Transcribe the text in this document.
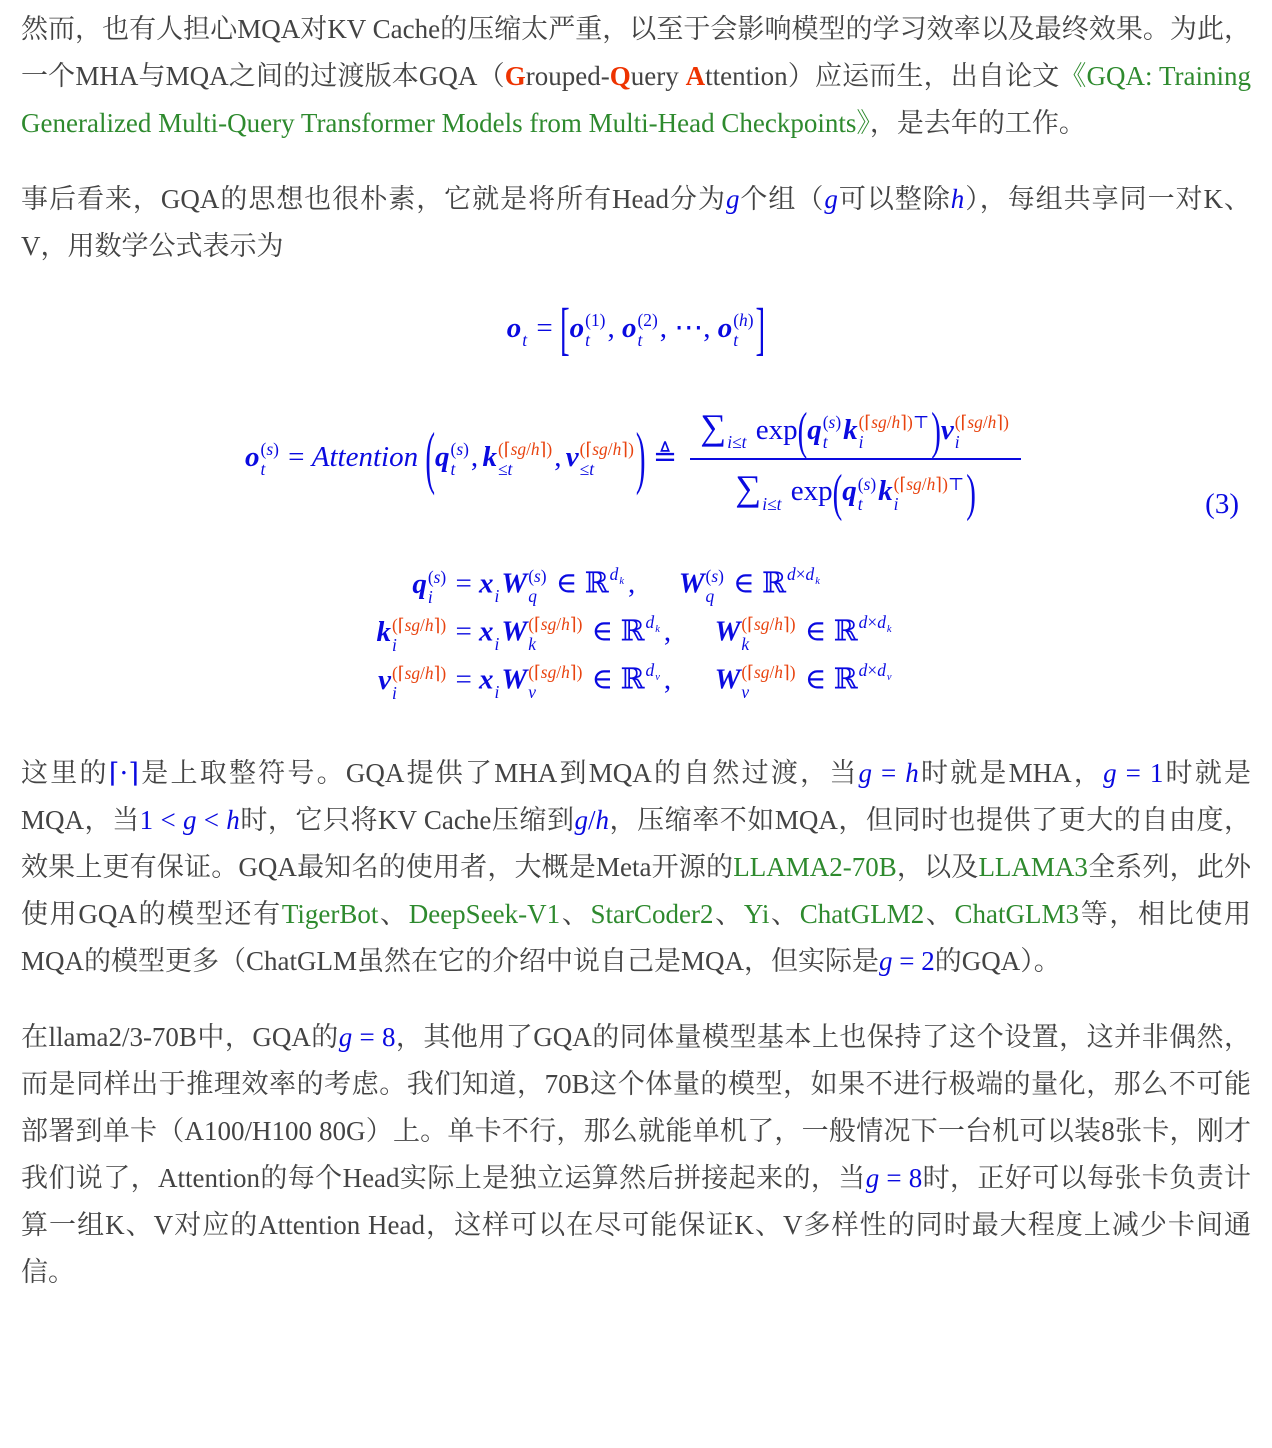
然而，也有人担心MQA对KV Cache的压缩太严重，以至于会影响模型的学习效率以及最终效果。为此，一个MHA与MQA之间的过渡版本GQA（Grouped-Query Attention）应运而生，出自论文《GQA: Training Generalized Multi-Query Transformer Models from Multi-Head Checkpoints》，是去年的工作。

事后看来，GQA的思想也很朴素，它就是将所有Head分为g个组（g可以整除h），每组共享同一对K、V，用数学公式表示为

o t = [o (1)
t , o (2)
t , ⋯, o (h)
t ]
o (s)
t = Attention (q (s)
t , k (⌈sg/h⌉)
≤t , v (⌈sg/h⌉)
≤t ) ≜ ∑ i≤t exp(q (s)
t k (⌈sg/h⌉)⊤
i )v (⌈sg/h⌉)
i
∑ i≤t exp(q (s)
t k (⌈sg/h⌉)⊤
i )	(3)
q (s)
i = x i W (s)
q ∈ ℝ d k , W (s)
q ∈ ℝ d×d k
k (⌈sg/h⌉)
i = x i W (⌈sg/h⌉)
k ∈ ℝ d k , W (⌈sg/h⌉)
k ∈ ℝ d×d k
v (⌈sg/h⌉)
i = x i W (⌈sg/h⌉)
v ∈ ℝ d v , W (⌈sg/h⌉)
v ∈ ℝ d×d v

这里的⌈⋅⌉是上取整符号。GQA提供了MHA到MQA的自然过渡，当g = h时就是MHA，g = 1时就是MQA，当1 < g < h时，它只将KV Cache压缩到g/h，压缩率不如MQA，但同时也提供了更大的自由度，效果上更有保证。GQA最知名的使用者，大概是Meta开源的LLAMA2-70B，以及LLAMA3全系列，此外使用GQA的模型还有TigerBot、DeepSeek-V1、StarCoder2、Yi、ChatGLM2、ChatGLM3等，相比使用MQA的模型更多（ChatGLM虽然在它的介绍中说自己是MQA，但实际是g = 2的GQA）。

在llama2/3-70B中，GQA的g = 8，其他用了GQA的同体量模型基本上也保持了这个设置，这并非偶然，而是同样出于推理效率的考虑。我们知道，70B这个体量的模型，如果不进行极端的量化，那么不可能部署到单卡（A100/H100 80G）上。单卡不行，那么就能单机了，一般情况下一台机可以装8张卡，刚才我们说了，Attention的每个Head实际上是独立运算然后拼接起来的，当g = 8时，正好可以每张卡负责计算一组K、V对应的Attention Head，这样可以在尽可能保证K、V多样性的同时最大程度上减少卡间通信。
